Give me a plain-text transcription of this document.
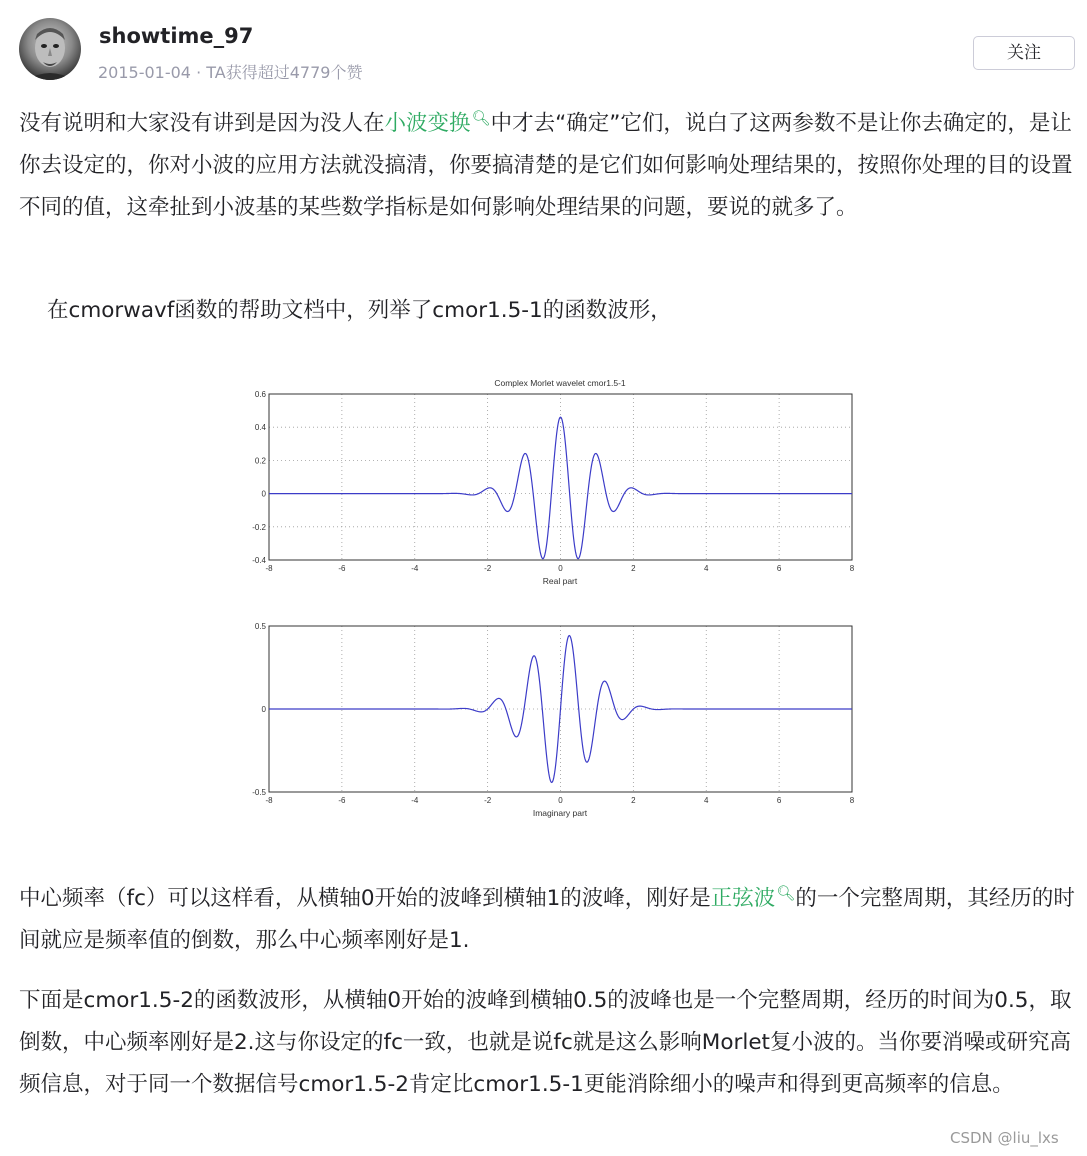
showtime_97
2015-01-04 · TA获得超过4779个赞
关注

没有说明和大家没有讲到是因为没人在小波变换🔍︎中才去“确定”它们，说白了这两参数不是让你去确定的，是让你去设定的，你对小波的应用方法就没搞清，你要搞清楚的是它们如何影响处理结果的，按照你处理的目的设置不同的值，这牵扯到小波基的某些数学指标是如何影响处理结果的问题，要说的就多了。

在cmorwavf函数的帮助文档中，列举了cmor1.5-1的函数波形，

Complex Morlet wavelet cmor1.5-1
0.6
0.4
0.2
0
-0.2
-0.4
-8	-6	-4	-2	0	2	4	6	8
Real part
0.5
0
-0.5
-8	-6	-4	-2	0	2	4	6	8
Imaginary part

中心频率（fc）可以这样看，从横轴0开始的波峰到横轴1的波峰，刚好是正弦波🔍︎的一个完整周期，其经历的时间就应是频率值的倒数，那么中心频率刚好是1.

下面是cmor1.5-2的函数波形，从横轴0开始的波峰到横轴0.5的波峰也是一个完整周期，经历的时间为0.5，取倒数，中心频率刚好是2.这与你设定的fc一致，也就是说fc就是这么影响Morlet复小波的。当你要消噪或研究高频信息，对于同一个数据信号cmor1.5-2肯定比cmor1.5-1更能消除细小的噪声和得到更高频率的信息。

CSDN @liu_lxs
